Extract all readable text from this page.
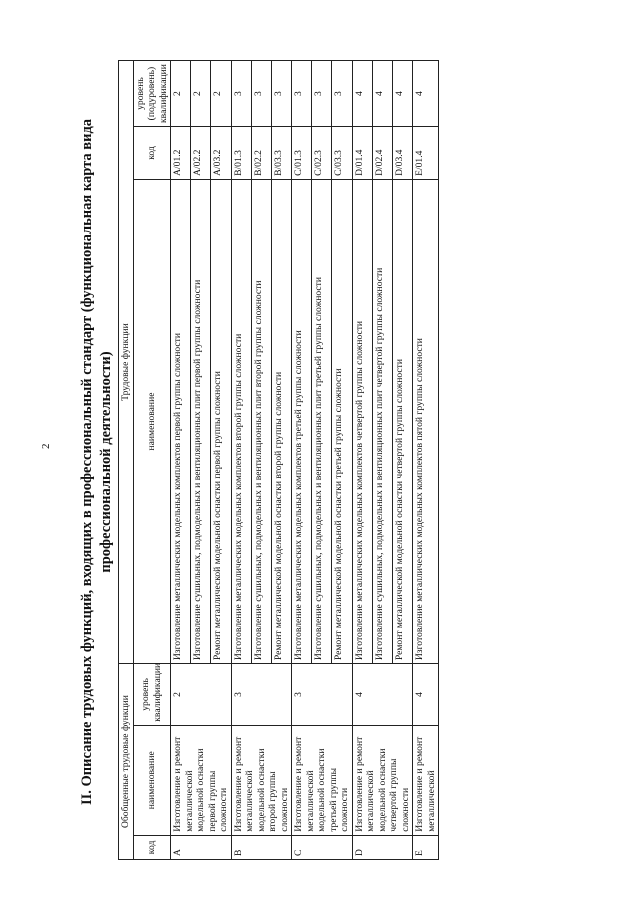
2 II. Описание трудовых функций, входящих в профессиональный стандарт (функциональная карта вида профессиональной деятельности)
Обобщенные трудовые функции			Трудовые функции		
код	наименование	уровень квалификации	наименование	код	уровень (подуровень) квалификации
A	Изготовление и ремонт металлической модельной оснастки первой группы сложности	2	Изготовление металлических модельных комплектов первой группы сложности	A/01.2	2
			Изготовление сушильных, подмодельных и вентиляционных плит первой группы сложности	A/02.2	2
			Ремонт металлической модельной оснастки первой группы сложности	A/03.2	2
B	Изготовление и ремонт металлической модельной оснастки второй группы сложности	3	Изготовление металлических модельных комплектов второй группы сложности	B/01.3	3
			Изготовление сушильных, подмодельных и вентиляционных плит второй группы сложности	B/02.2	3
			Ремонт металлической модельной оснастки второй группы сложности	B/03.3	3
C	Изготовление и ремонт металлической модельной оснастки третьей группы сложности	3	Изготовление металлических модельных комплектов третьей группы сложности	C/01.3	3
			Изготовление сушильных, подмодельных и вентиляционных плит третьей группы сложности	C/02.3	3
			Ремонт металлической модельной оснастки третьей группы сложности	C/03.3	3
D	Изготовление и ремонт металлической модельной оснастки четвертой группы сложности	4	Изготовление металлических модельных комплектов четвертой группы сложности	D/01.4	4
			Изготовление сушильных, подмодельных и вентиляционных плит четвертой группы сложности	D/02.4	4
			Ремонт металлической модельной оснастки четвертой группы сложности	D/03.4	4
E	Изготовление и ремонт металлической	4	Изготовление металлических модельных комплектов пятой группы сложности	E/01.4	4
